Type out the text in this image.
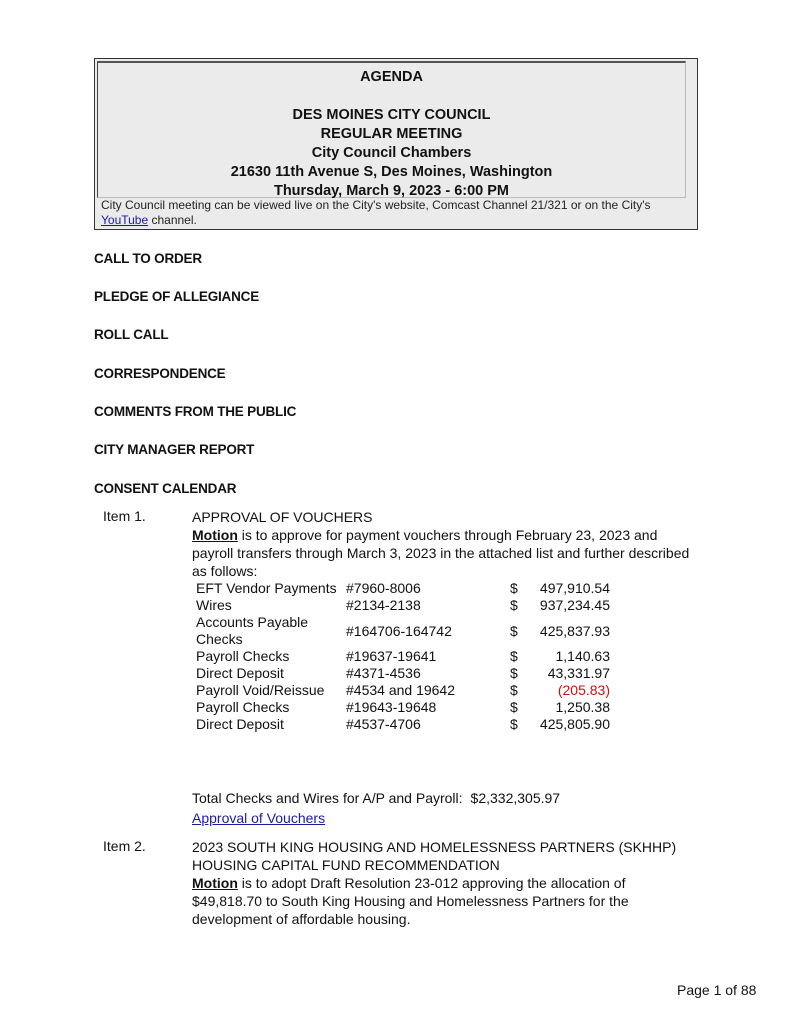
AGENDA
DES MOINES CITY COUNCIL
REGULAR MEETING
City Council Chambers
21630 11th Avenue S, Des Moines, Washington
Thursday, March 9, 2023 - 6:00 PM
City Council meeting can be viewed live on the City's website, Comcast Channel 21/321 or on the City's YouTube channel.
CALL TO ORDER
PLEDGE OF ALLEGIANCE
ROLL CALL
CORRESPONDENCE
COMMENTS FROM THE PUBLIC
CITY MANAGER REPORT
CONSENT CALENDAR
Item 1.	APPROVAL OF VOUCHERS
Motion is to approve for payment vouchers through February 23, 2023 and payroll transfers through March 3, 2023 in the attached list and further described as follows:
EFT Vendor Payments	#7960-8006	$	497,910.54
Wires	#2134-2138	$	937,234.45
Accounts Payable Checks	#164706-164742	$	425,837.93
Payroll Checks	#19637-19641	$	1,140.63
Direct Deposit	#4371-4536	$	43,331.97
Payroll Void/Reissue	#4534 and 19642	$	(205.83)
Payroll Checks	#19643-19648	$	1,250.38
Direct Deposit	#4537-4706	$	425,805.90
Total Checks and Wires for A/P and Payroll: $2,332,305.97
Approval of Vouchers
Item 2.	2023 SOUTH KING HOUSING AND HOMELESSNESS PARTNERS (SKHHP) HOUSING CAPITAL FUND RECOMMENDATION
Motion is to adopt Draft Resolution 23-012 approving the allocation of $49,818.70 to South King Housing and Homelessness Partners for the development of affordable housing.
Page 1 of 88
